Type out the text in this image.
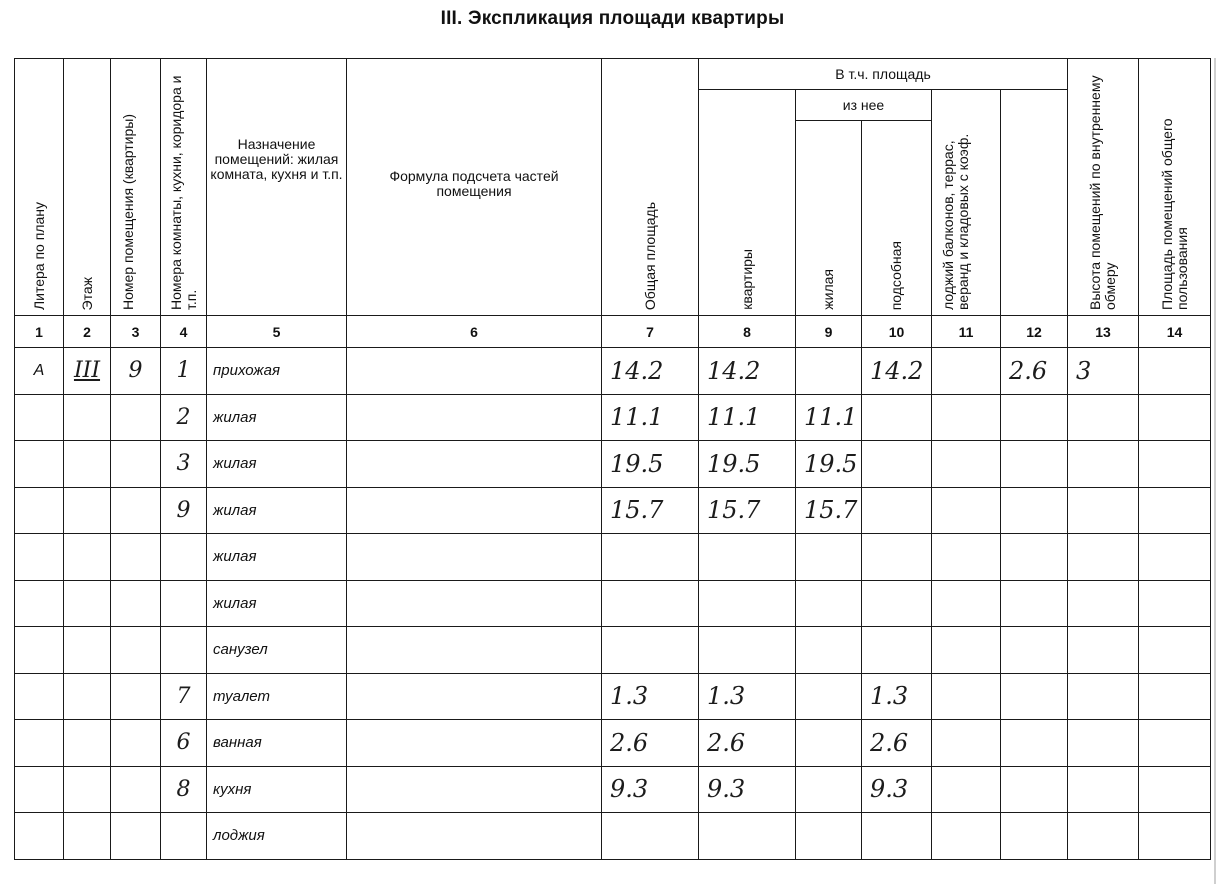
III. Экспликация площади квартиры
Литера по плану	Этаж	Номер помещения (квартиры)	Номера комнаты, кухни, коридора и т.п.	Назначение помещений: жилая комната, кухня и т.п.	Формула подсчета частей помещения	Общая площадь	В т.ч. площадь					Высота помещений по внутреннему обмеру	Площадь помещений общего пользования	
							квартиры	из нее		лоджий балконов, террас, веранд и кладовых с коэф.				
								жилая	подсобная					
1	2	3	4	5	6	7	8	9	10	11	12	13	14	
А	III	9	1	прихожая		14.2	14.2		14.2		2.6	3		
			2	жилая		11.1	11.1	11.1						
			3	жилая		19.5	19.5	19.5						
			9	жилая		15.7	15.7	15.7						
				жилая										
				жилая										
				санузел										
			7	туалет		1.3	1.3		1.3					
			6	ванная		2.6	2.6		2.6					
			8	кухня		9.3	9.3		9.3					
				лоджия										
